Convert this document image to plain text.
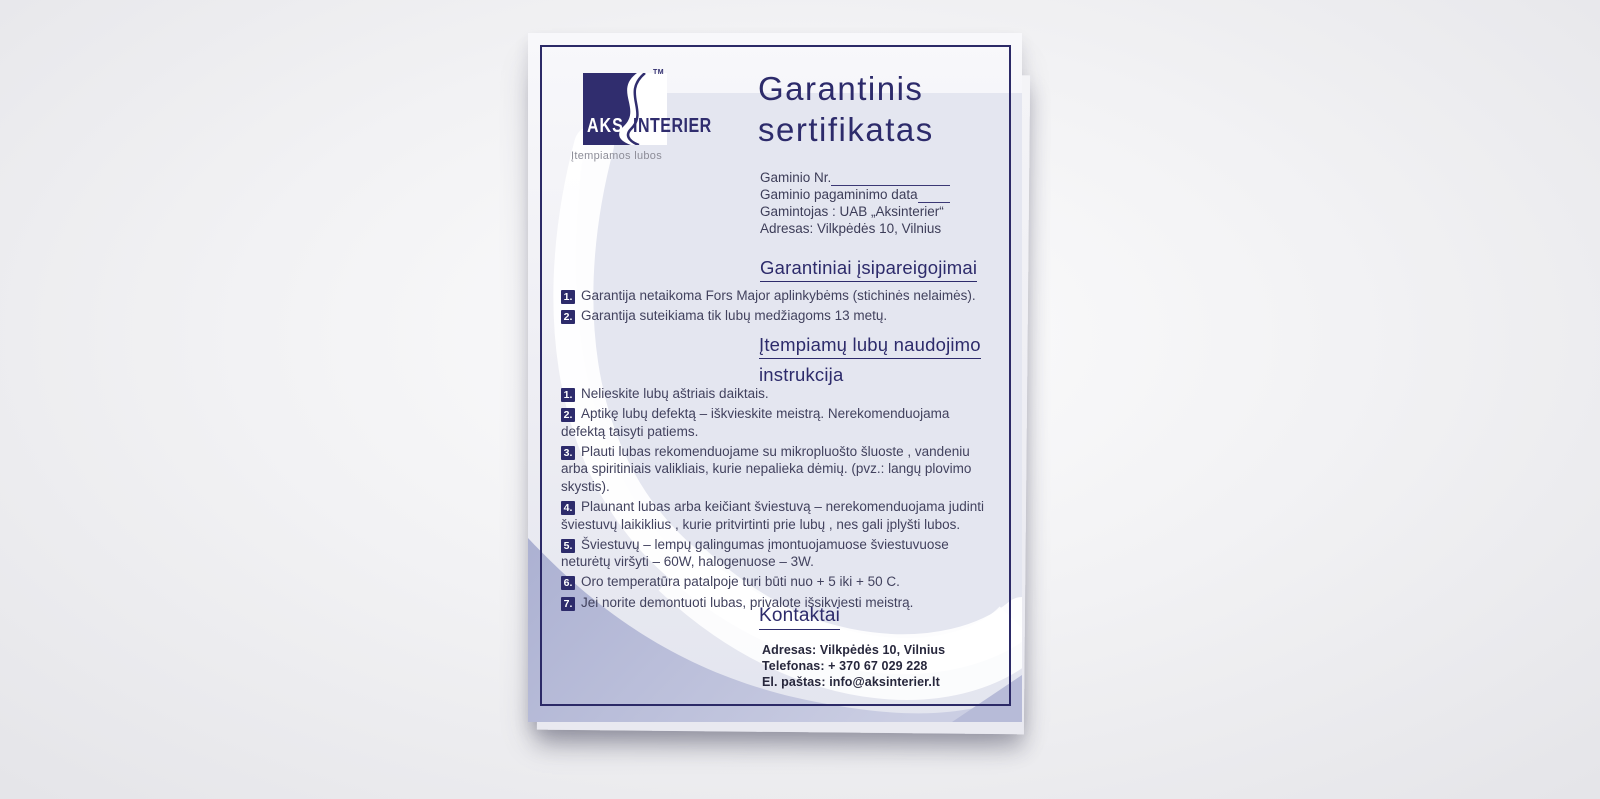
AKS INTERIER
TM
Įtempiamos lubos
Garantinis
sertifikatas
Gaminio Nr.
Gaminio pagaminimo data
Gamintojas : UAB „Aksinterier“
Adresas: Vilkpėdės 10, Vilnius
Garantiniai įsipareigojimai

1. Garantija netaikoma Fors Major aplinkybėms (stichinės nelaimės).

2. Garantija suteikiama tik lubų medžiagoms 13 metų.

Įtempiamų lubų naudojimo
instrukcija

1. Nelieskite lubų aštriais daiktais.

2. Aptikę lubų defektą – iškvieskite meistrą. Nerekomenduojama defektą taisyti patiems.

3. Plauti lubas rekomenduojame su mikropluošto šluoste , vandeniu arba spiritiniais valikliais, kurie nepalieka dėmių. (pvz.: langų plovimo skystis).

4. Plaunant lubas arba keičiant šviestuvą – nerekomenduojama judinti šviestuvų laikiklius , kurie pritvirtinti prie lubų , nes gali įplyšti lubos.

5. Šviestuvų – lempų galingumas įmontuojamuose šviestuvuose neturėtų viršyti – 60W, halogenuose – 3W.

6. Oro temperatūra patalpoje turi būti nuo + 5 iki + 50 C.

7. Jei norite demontuoti lubas, privalote išsikviesti meistrą.

Kontaktai
Adresas: Vilkpėdės 10, Vilnius
Telefonas: + 370 67 029 228
El. paštas: info@aksinterier.lt
